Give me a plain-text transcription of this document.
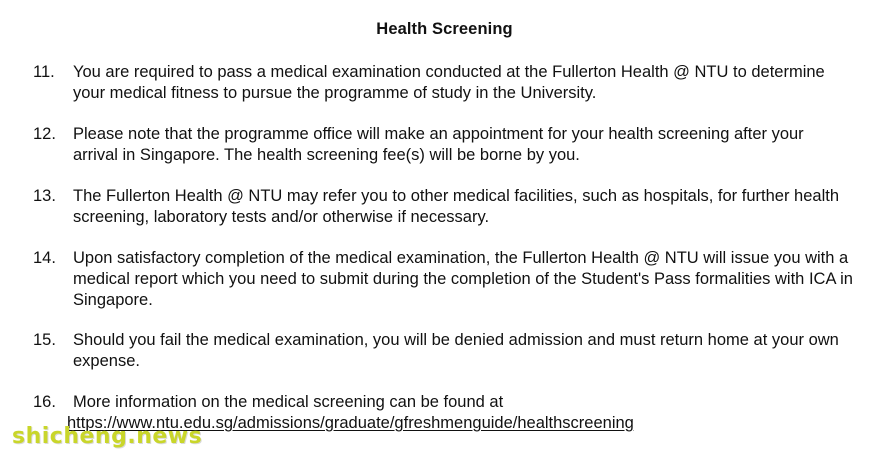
Health Screening
11.	You are required to pass a medical examination conducted at the Fullerton Health @ NTU to determine your medical fitness to pursue the programme of study in the University.
12.	Please note that the programme office will make an appointment for your health screening after your arrival in Singapore. The health screening fee(s) will be borne by you.
13.	The Fullerton Health @ NTU may refer you to other medical facilities, such as hospitals, for further health screening, laboratory tests and/or otherwise if necessary.
14.	Upon satisfactory completion of the medical examination, the Fullerton Health @ NTU will issue you with a medical report which you need to submit during the completion of the Student's Pass formalities with ICA in Singapore.
15.	Should you fail the medical examination, you will be denied admission and must return home at your own expense.
16.	More information on the medical screening can be found at
https://www.ntu.edu.sg/admissions/graduate/gfreshmenguide/healthscreening
shicheng.news
